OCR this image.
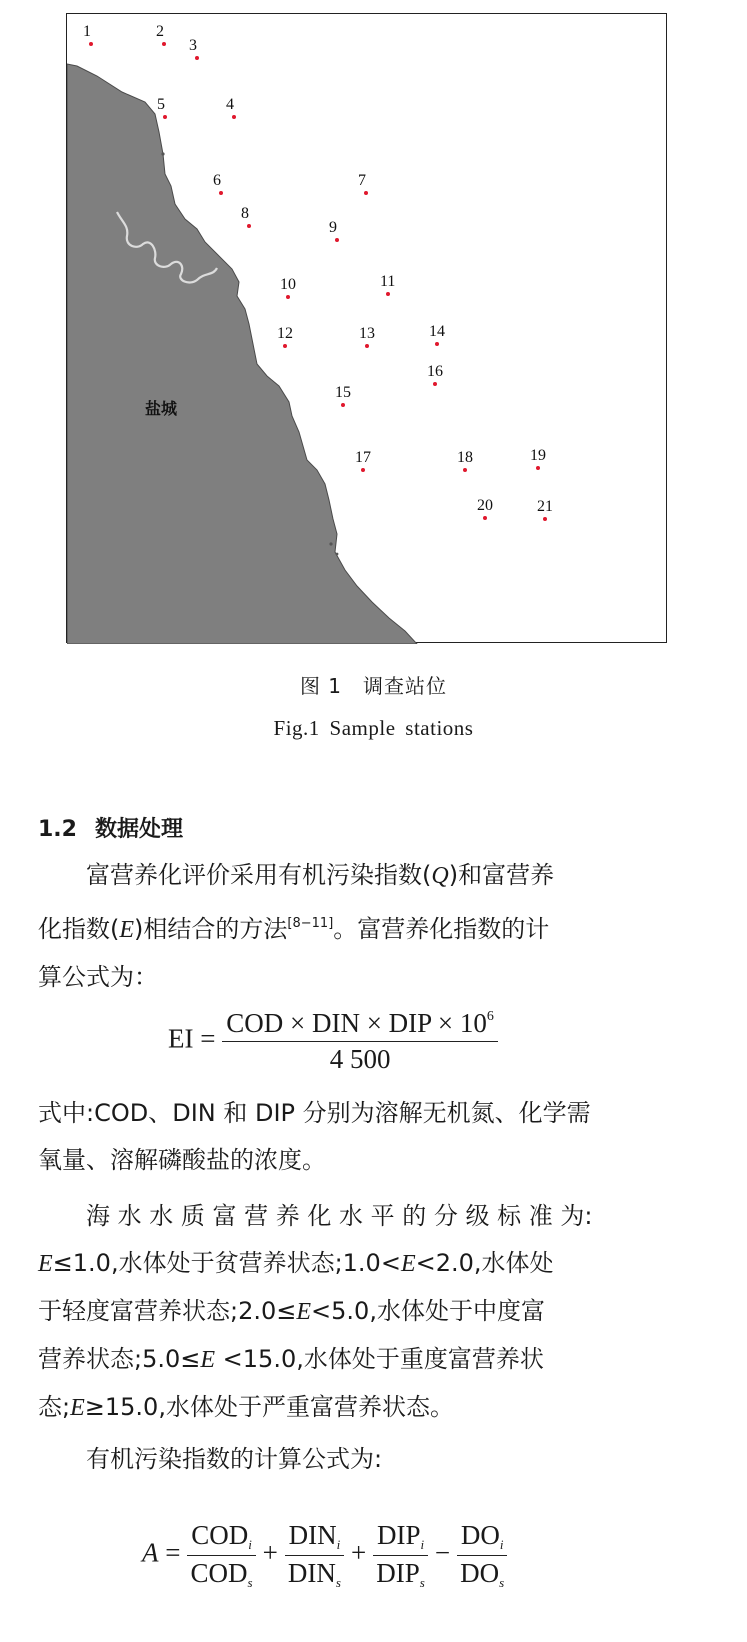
盐城
1	2
3
4
5
6	7
8
9
10	11
12	13	14
15
16
17	18	19
20	21
图 1　调查站位
Fig.1 Sample stations
1.2 数据处理
富营养化评价采用有机污染指数(Q)和富营养
化指数(E)相结合的方法[8−11]。富营养化指数的计
算公式为：
EI = $\frac{COD \times DIN \times DIP \times 10^6}{4 500}$
式中:COD、DIN 和 DIP 分别为溶解无机氮、化学需
氧量、溶解磷酸盐的浓度。
海 水 水 质 富 营 养 化 水 平 的 分 级 标 准 为:
E≤1.0,水体处于贫营养状态;1.0<E<2.0,水体处
于轻度富营养状态;2.0≤E<5.0,水体处于中度富
营养状态;5.0≤E <15.0,水体处于重度富营养状
态;E≥15.0,水体处于严重富营养状态。
有机污染指数的计算公式为:
$A = \frac{COD_i}{COD_s} + \frac{DIN_i}{DIN_s} + \frac{DIP_i}{DIP_s} - \frac{DO_i}{DO_s}$
